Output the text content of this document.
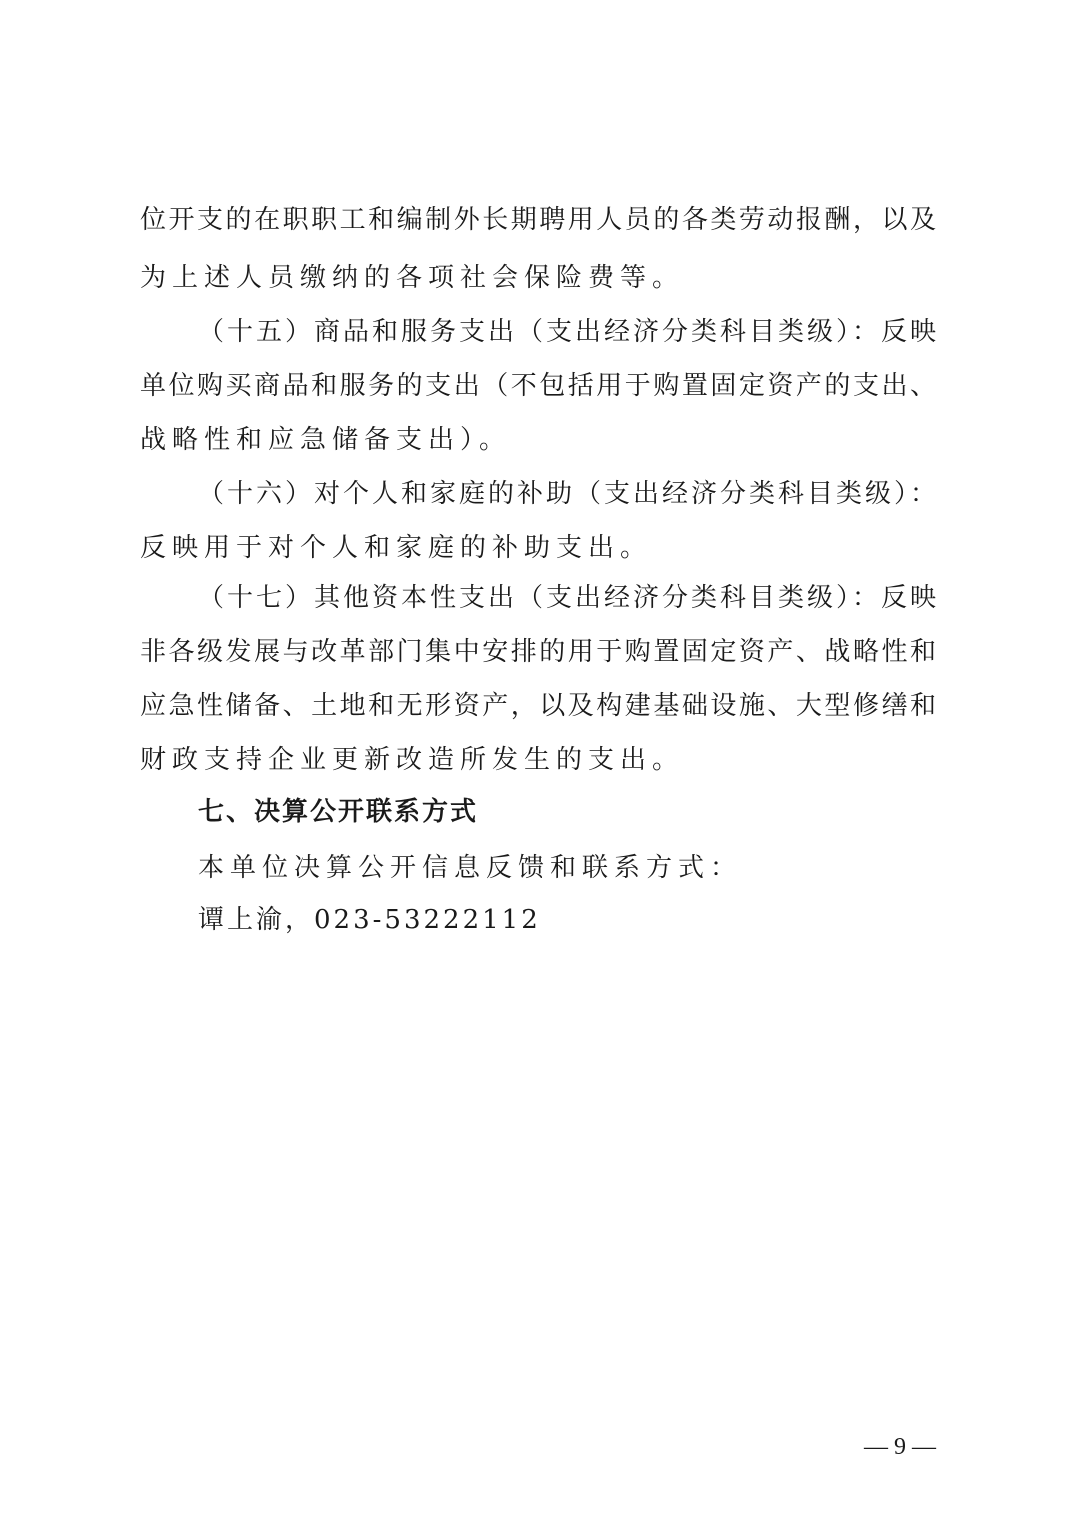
位开支的在职职工和编制外长期聘用人员的各类劳动报酬，以及
为上述人员缴纳的各项社会保险费等。
（十五）商品和服务支出（支出经济分类科目类级）：反映
单位购买商品和服务的支出（不包括用于购置固定资产的支出、
战略性和应急储备支出）。
（十六）对个人和家庭的补助（支出经济分类科目类级）：
反映用于对个人和家庭的补助支出。
（十七）其他资本性支出（支出经济分类科目类级）：反映
非各级发展与改革部门集中安排的用于购置固定资产、战略性和
应急性储备、土地和无形资产，以及构建基础设施、大型修缮和
财政支持企业更新改造所发生的支出。
七、决算公开联系方式
本单位决算公开信息反馈和联系方式：
谭上渝，023-53222112
— 9 —
